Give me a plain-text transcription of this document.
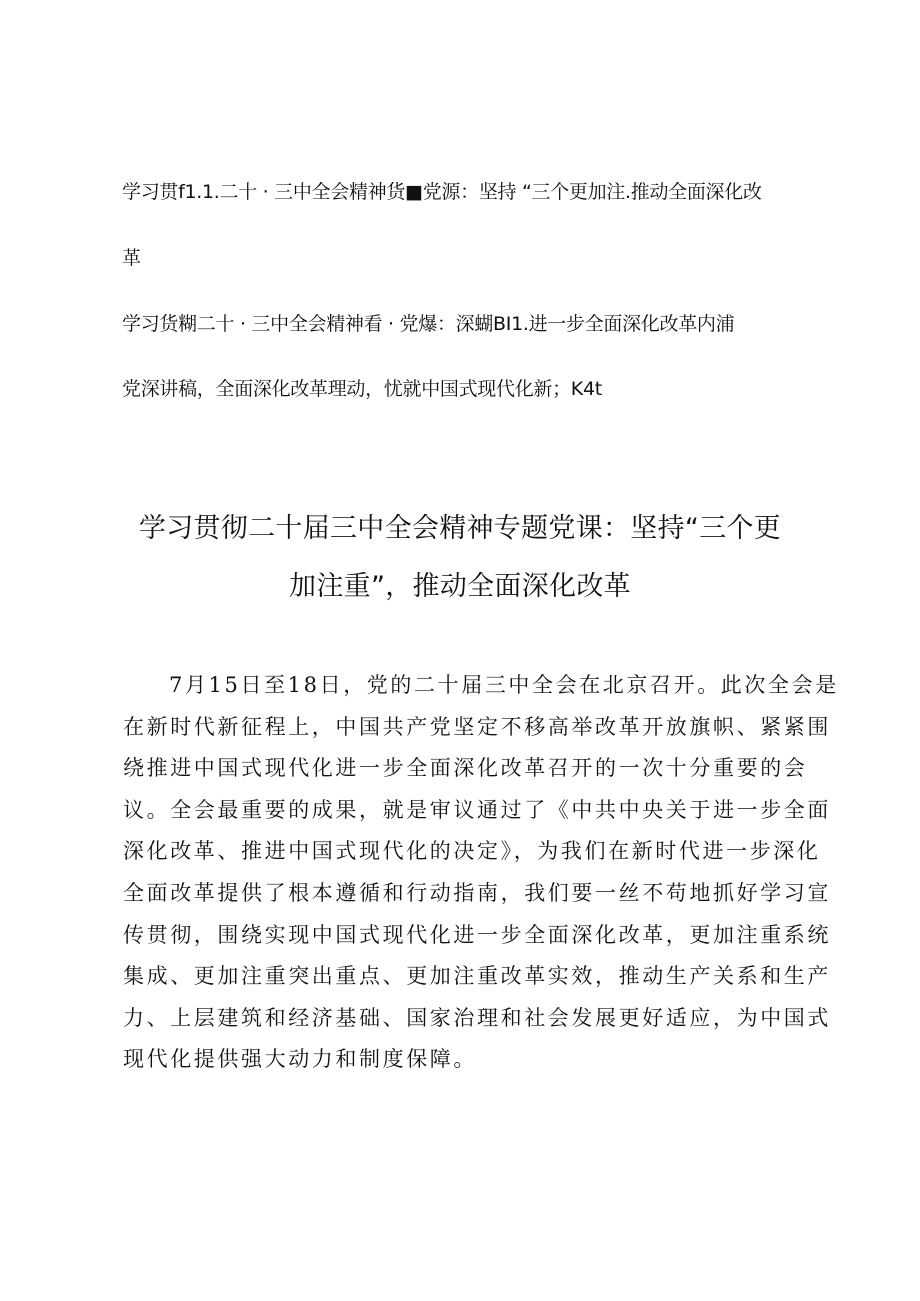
学习贯f1.1.二十 · 三中全会精神货■党源：坚持 “三个更加注.推动全面深化改
革
学习货糊二十 · 三中全会精神看 · 党爆：深蝴BI1.进一步全面深化改革内浦
党深讲稿，全面深化改革理动，忧就中国式现代化新；K4t
学习贯彻二十届三中全会精神专题党课：坚持“三个更
加注重”，推动全面深化改革
7月15日至18日，党的二十届三中全会在北京召开。此次全会是
在新时代新征程上，中国共产党坚定不移高举改革开放旗帜、紧紧围
绕推进中国式现代化进一步全面深化改革召开的一次十分重要的会
议。全会最重要的成果，就是审议通过了《中共中央关于进一步全面
深化改革、推进中国式现代化的决定》，为我们在新时代进一步深化
全面改革提供了根本遵循和行动指南，我们要一丝不苟地抓好学习宣
传贯彻，围绕实现中国式现代化进一步全面深化改革，更加注重系统
集成、更加注重突出重点、更加注重改革实效，推动生产关系和生产
力、上层建筑和经济基础、国家治理和社会发展更好适应，为中国式
现代化提供强大动力和制度保障。
